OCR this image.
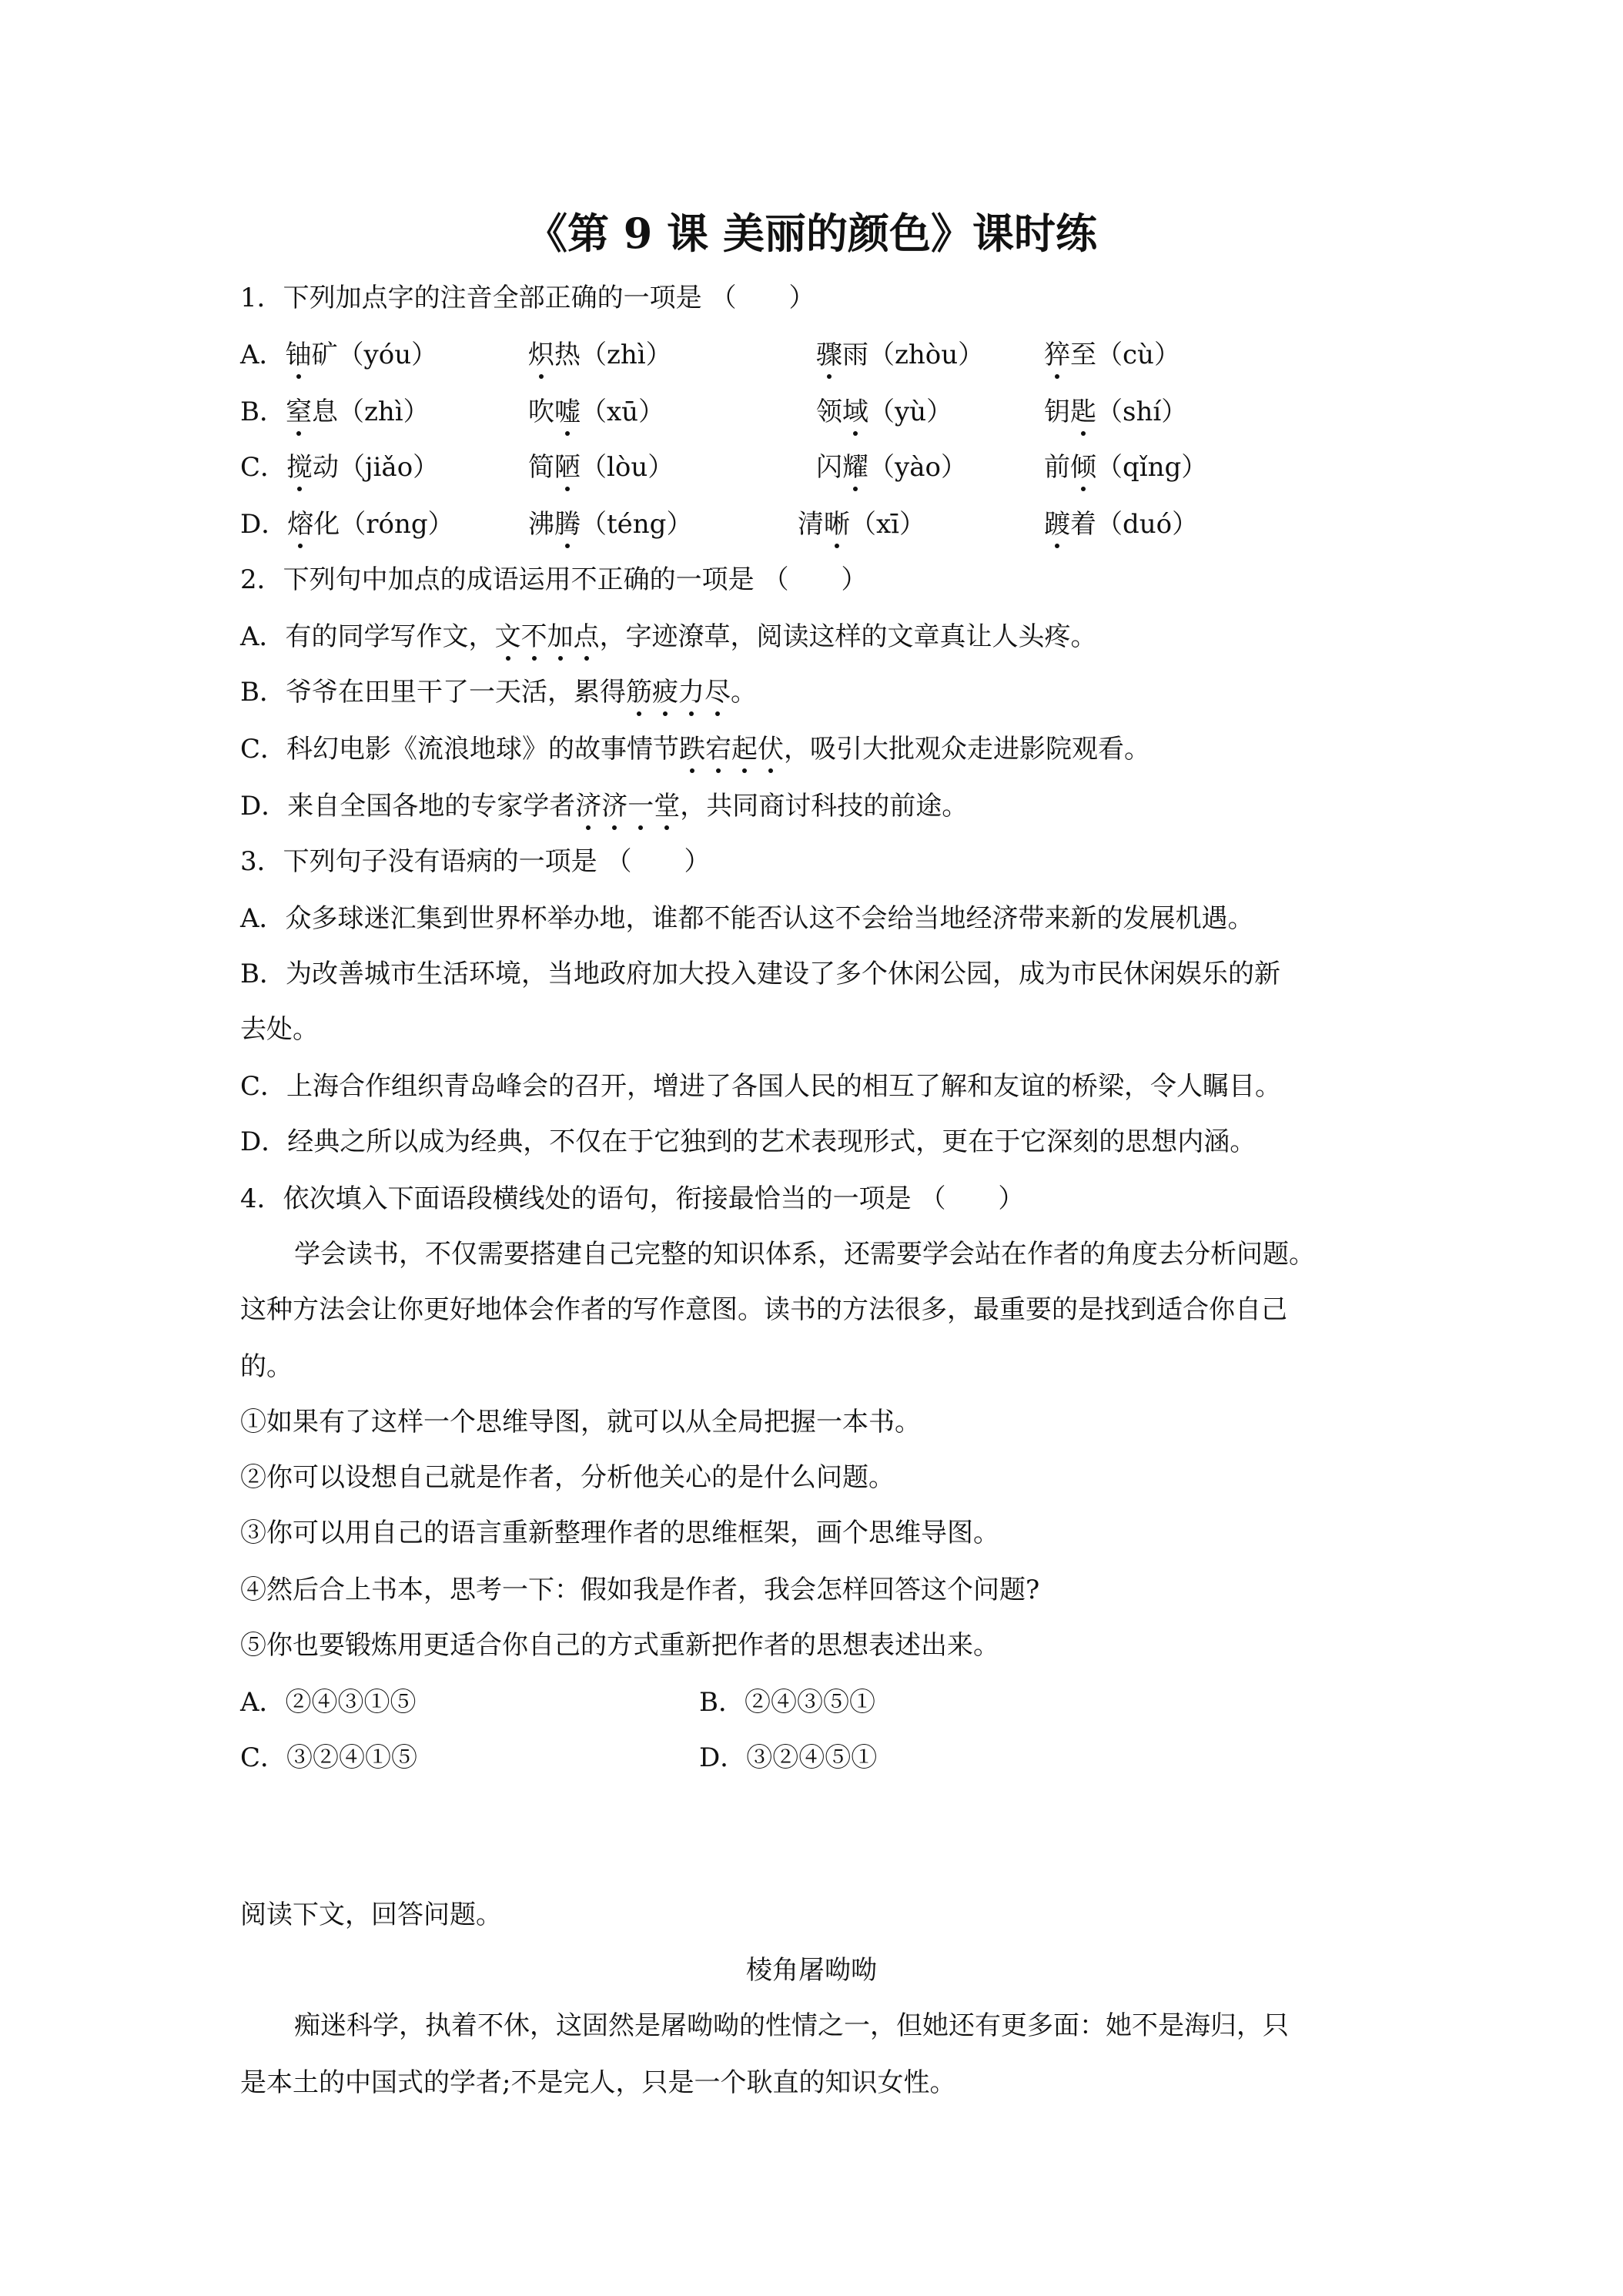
《第 9 课 美丽的颜色》课时练
1．下列加点字的注音全部正确的一项是 （　　）
A．铀矿（yóu）	炽热（zhì）	骤雨（zhòu） 猝至（cù）
B．窒息（zhì）	吹嘘（xū）	领域（yù）	钥匙（shí）
C．搅动（jiǎo）	简陋（lòu）	闪耀（yào）	前倾（qǐng）
D．熔化（róng）	沸腾（téng）	清晰（xī）	踱着（duó）
2．下列句中加点的成语运用不正确的一项是 （　　）
A．有的同学写作文，文不加点，字迹潦草，阅读这样的文章真让人头疼。
B．爷爷在田里干了一天活，累得筋疲力尽。
C．科幻电影《流浪地球》的故事情节跌宕起伏，吸引大批观众走进影院观看。
D．来自全国各地的专家学者济济一堂，共同商讨科技的前途。
3．下列句子没有语病的一项是 （　　）
A．众多球迷汇集到世界杯举办地，谁都不能否认这不会给当地经济带来新的发展机遇。
B．为改善城市生活环境，当地政府加大投入建设了多个休闲公园，成为市民休闲娱乐的新
去处。
C．上海合作组织青岛峰会的召开，增进了各国人民的相互了解和友谊的桥梁，令人瞩目。
D．经典之所以成为经典，不仅在于它独到的艺术表现形式，更在于它深刻的思想内涵。
4．依次填入下面语段横线处的语句，衔接最恰当的一项是 （　　）
学会读书，不仅需要搭建自己完整的知识体系，还需要学会站在作者的角度去分析问题。
这种方法会让你更好地体会作者的写作意图。读书的方法很多，最重要的是找到适合你自己
的。
①如果有了这样一个思维导图，就可以从全局把握一本书。
②你可以设想自己就是作者，分析他关心的是什么问题。
③你可以用自己的语言重新整理作者的思维框架，画个思维导图。
④然后合上书本，思考一下：假如我是作者，我会怎样回答这个问题?
⑤你也要锻炼用更适合你自己的方式重新把作者的思想表述出来。
A．②④③①⑤	B．②④③⑤①
C．③②④①⑤	D．③②④⑤①
阅读下文，回答问题。
棱角屠呦呦
痴迷科学，执着不休，这固然是屠呦呦的性情之一，但她还有更多面：她不是海归，只
是本土的中国式的学者;不是完人，只是一个耿直的知识女性。
